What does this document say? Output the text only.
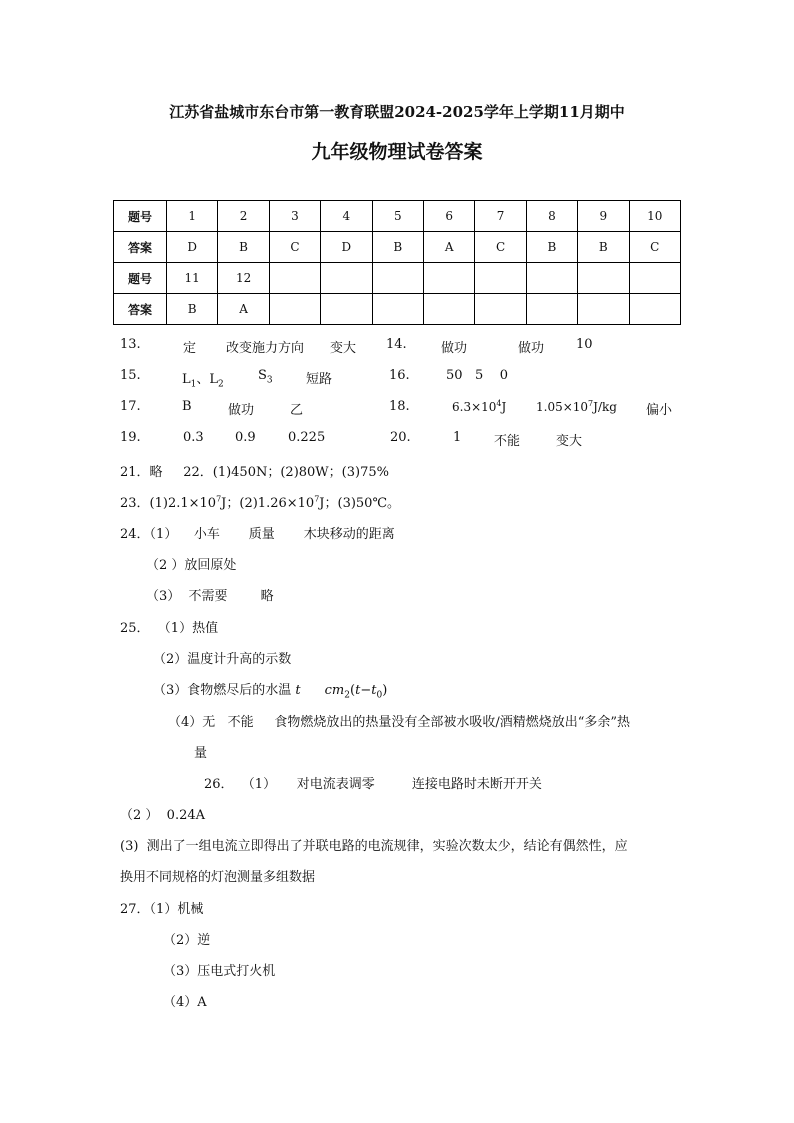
江苏省盐城市东台市第一教育联盟2024-2025学年上学期11月期中
九年级物理试卷答案
题号	1	2	3	4	5	6	7	8	9	10
答案	D	B	C	D	B	A	C	B	B	C
题号	11	12								
答案	B	A								
13.	定 改变施力方向 变大 14.	做功	做功 10
15.	$L_1$、$L_2$
$S_3$	短路	16.	50   5    0
17.	B	做功	乙	18.	$6.3\times 10^4J$ $1.05\times 10^7J/kg$ 偏小
19.	0.3 0.9 0.225	20.	1	不能	变大
21．略     22．(1)450N；(2)80W；(3)75%
23．$(1)2.1\times 10^7J$；$(2)1.26\times 10^7J$；(3)50℃。
24．（1）    小车       质量       木块移动的距离
（2 ）放回原处
（3）  不需要        略
25．  （1）热值
（2）温度计升高的示数
（3）食物燃尽后的水温 t $cm_2(t-t_0)$
（4）无   不能     食物燃烧放出的热量没有全部被水吸收/酒精燃烧放出“多余”热
量
26．  （1）     对电流表调零         连接电路时未断开开关
（2 ）  0.24A
(3)  测出了一组电流立即得出了并联电路的电流规律，实验次数太少，结论有偶然性，应
换用不同规格的灯泡测量多组数据
27．（1）机械
（2）逆
（3）压电式打火机
（4）A
